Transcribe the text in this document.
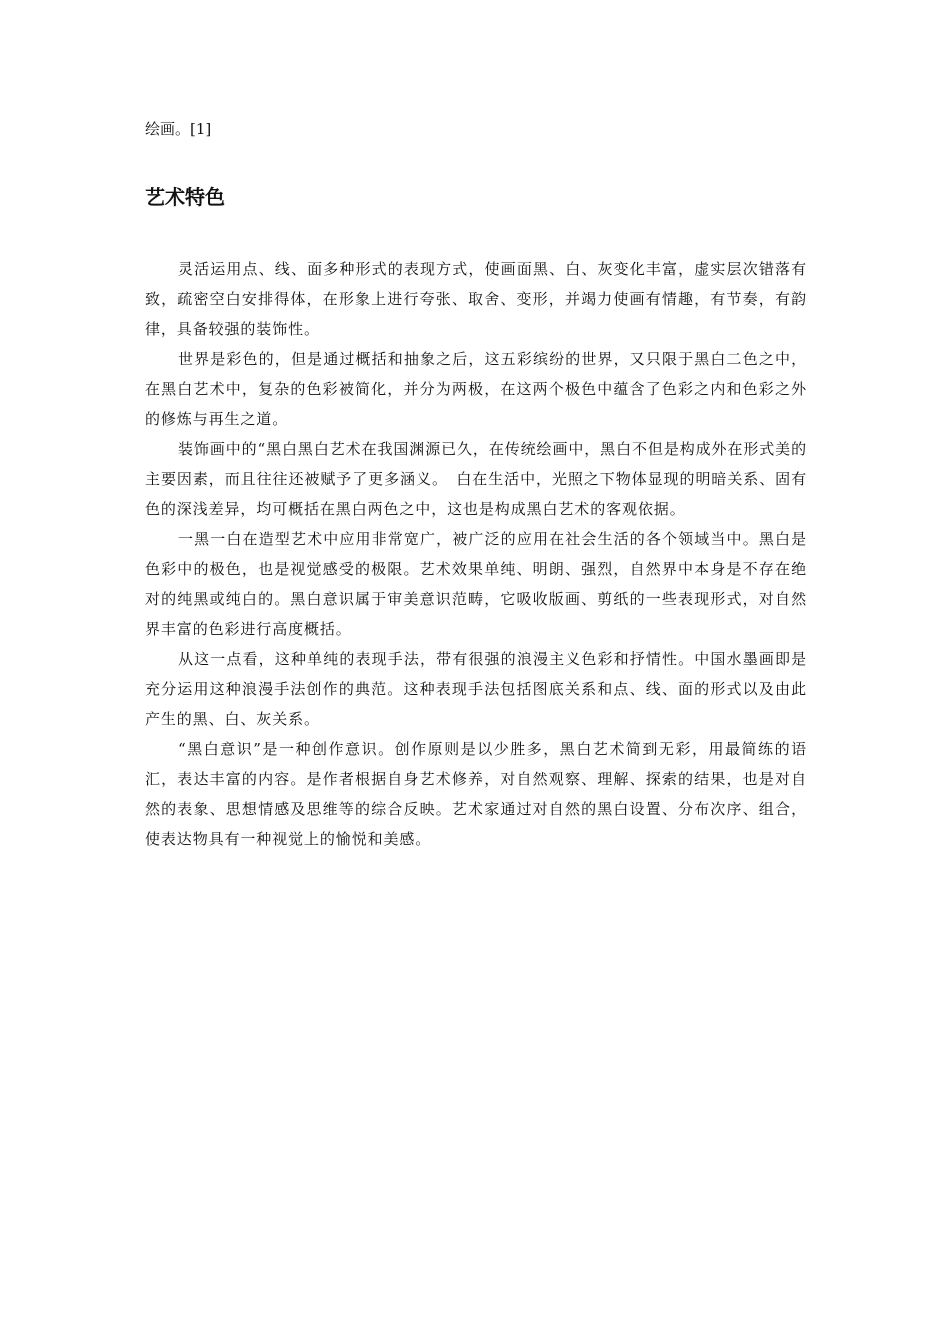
绘画。[1]

艺术特色

灵活运用点、线、面多种形式的表现方式，使画面黑、白、灰变化丰富，虚实层次错落有致，疏密空白安排得体，在形象上进行夸张、取舍、变形，并竭力使画有情趣，有节奏，有韵律，具备较强的装饰性。

世界是彩色的，但是通过概括和抽象之后，这五彩缤纷的世界，又只限于黑白二色之中，在黑白艺术中，复杂的色彩被简化，并分为两极，在这两个极色中蕴含了色彩之内和色彩之外的修炼与再生之道。

装饰画中的“黑白黑白艺术在我国渊源已久，在传统绘画中，黑白不但是构成外在形式美的主要因素，而且往往还被赋予了更多涵义。　白在生活中，光照之下物体显现的明暗关系、固有色的深浅差异，均可概括在黑白两色之中，这也是构成黑白艺术的客观依据。

一黑一白在造型艺术中应用非常宽广，被广泛的应用在社会生活的各个领域当中。黑白是色彩中的极色，也是视觉感受的极限。艺术效果单纯、明朗、强烈，自然界中本身是不存在绝对的纯黑或纯白的。黑白意识属于审美意识范畴，它吸收版画、剪纸的一些表现形式，对自然界丰富的色彩进行高度概括。

从这一点看，这种单纯的表现手法，带有很强的浪漫主义色彩和抒情性。中国水墨画即是充分运用这种浪漫手法创作的典范。这种表现手法包括图底关系和点、线、面的形式以及由此产生的黑、白、灰关系。

“黑白意识”是一种创作意识。创作原则是以少胜多，黑白艺术简到无彩，用最简练的语汇，表达丰富的内容。是作者根据自身艺术修养，对自然观察、理解、探索的结果，也是对自然的表象、思想情感及思维等的综合反映。艺术家通过对自然的黑白设置、分布次序、组合，使表达物具有一种视觉上的愉悦和美感。
